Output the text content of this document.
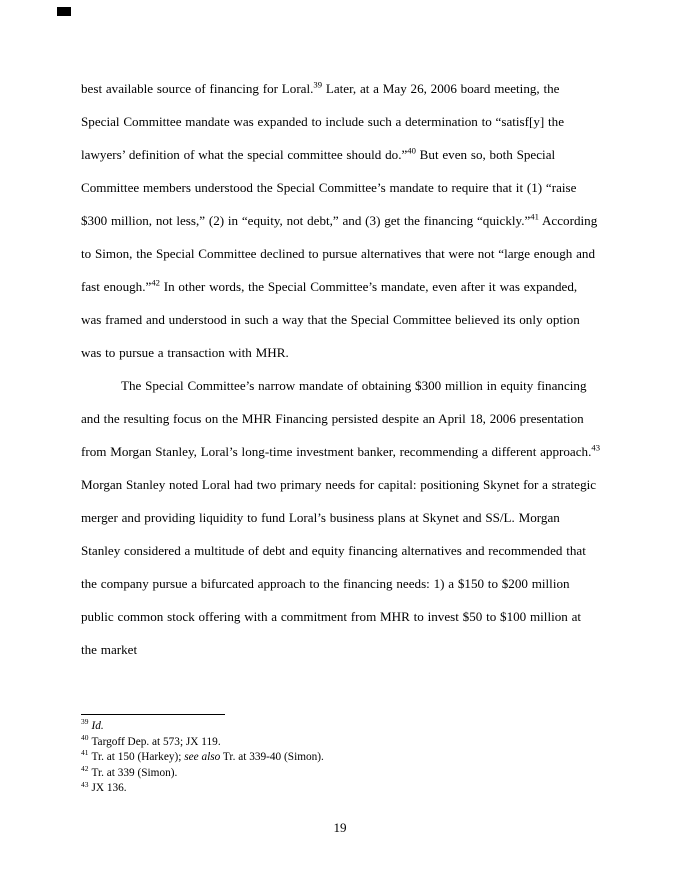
best available source of financing for Loral.$^{39}$ Later, at a May 26, 2006 board meeting, the Special Committee mandate was expanded to include such a determination to “satisf[y] the lawyers’ definition of what the special committee should do.”$^{40}$ But even so, both Special Committee members understood the Special Committee’s mandate to require that it (1) “raise $300 million, not less,” (2) in “equity, not debt,” and (3) get the financing “quickly.”$^{41}$ According to Simon, the Special Committee declined to pursue alternatives that were not “large enough and fast enough.”$^{42}$ In other words, the Special Committee’s mandate, even after it was expanded, was framed and understood in such a way that the Special Committee believed its only option was to pursue a transaction with MHR.

The Special Committee’s narrow mandate of obtaining $300 million in equity financing and the resulting focus on the MHR Financing persisted despite an April 18, 2006 presentation from Morgan Stanley, Loral’s long-time investment banker, recommending a different approach.$^{43}$ Morgan Stanley noted Loral had two primary needs for capital: positioning Skynet for a strategic merger and providing liquidity to fund Loral’s business plans at Skynet and SS/L. Morgan Stanley considered a multitude of debt and equity financing alternatives and recommended that the company pursue a bifurcated approach to the financing needs: 1) a $150 to $200 million public common stock offering with a commitment from MHR to invest $50 to $100 million at the market

$^{39}$ Id.

$^{40}$ Targoff Dep. at 573; JX 119.

$^{41}$ Tr. at 150 (Harkey); see also Tr. at 339-40 (Simon).

$^{42}$ Tr. at 339 (Simon).

$^{43}$ JX 136.

19
